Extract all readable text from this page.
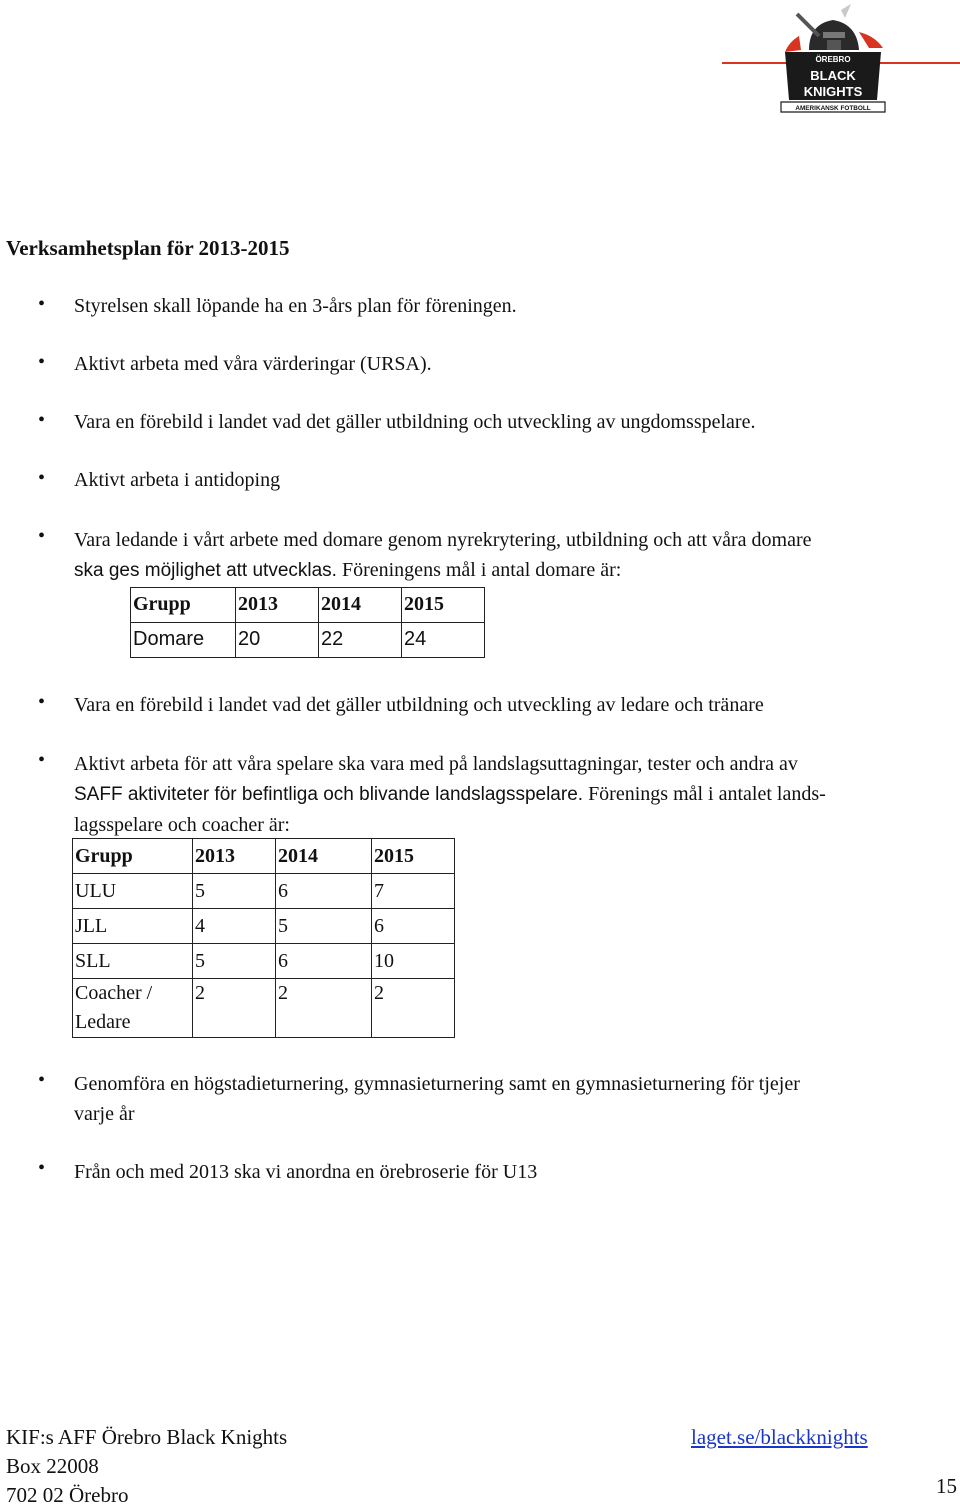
ÖREBRO
BLACK
KNIGHTS
AMERIKANSK FOTBOLL
Verksamhetsplan för 2013-2015
•
•
•
•
•
•
•
•
•
Styrelsen skall löpande ha en 3-års plan för föreningen.
Aktivt arbeta med våra värderingar (URSA).
Vara en förebild i landet vad det gäller utbildning och utveckling av ungdomsspelare.
Aktivt arbeta i antidoping
Vara ledande i vårt arbete med domare genom nyrekrytering, utbildning och att våra domare
ska ges möjlighet att utvecklas. Föreningens mål i antal domare är:
Grupp	2013	2014	2015
Domare	20	22	24
Vara en förebild i landet vad det gäller utbildning och utveckling av ledare och tränare
Aktivt arbeta för att våra spelare ska vara med på landslagsuttagningar, tester och andra av
SAFF aktiviteter för befintliga och blivande landslagsspelare. Förenings mål i antalet lands-
lagsspelare och coacher är:
Grupp	2013	2014	2015
ULU	5	6	7
JLL	4	5	6
SLL	5	6	10
Coacher /
Ledare	2	2	2
Genomföra en högstadieturnering, gymnasieturnering samt en gymnasieturnering för tjejer
varje år
Från och med 2013 ska vi anordna en örebroserie för U13
KIF:s AFF Örebro Black Knights
Box 22008
702 02 Örebro
laget.se/blackknights
15
